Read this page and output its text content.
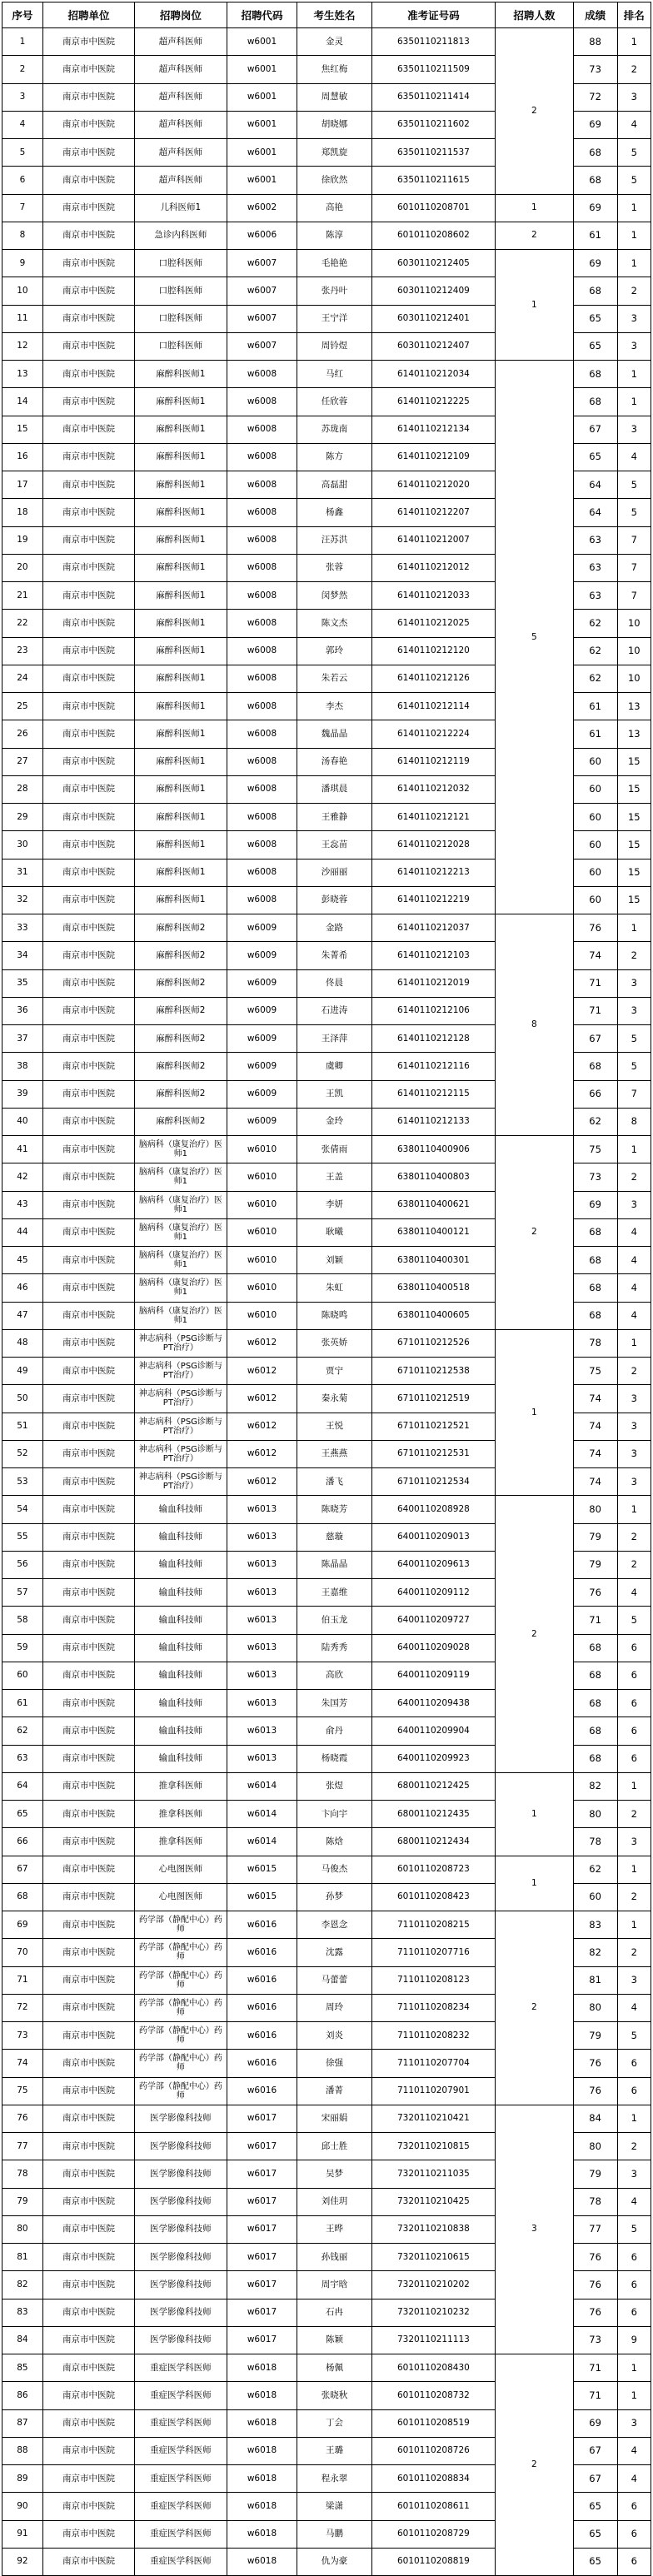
序号	招聘单位	招聘岗位	招聘代码	考生姓名	准考证号码	招聘人数	成绩	排名
1	南京市中医院	超声科医师	w6001	金灵	6350110211813	2	88	1
2	南京市中医院	超声科医师	w6001	焦红梅	6350110211509		73	2
3	南京市中医院	超声科医师	w6001	周慧敏	6350110211414		72	3
4	南京市中医院	超声科医师	w6001	胡晓娜	6350110211602		69	4
5	南京市中医院	超声科医师	w6001	郑凯旋	6350110211537		68	5
6	南京市中医院	超声科医师	w6001	徐欣然	6350110211615		68	5
7	南京市中医院	儿科医师1	w6002	高艳	6010110208701	1	69	1
8	南京市中医院	急诊内科医师	w6006	陈淳	6010110208602	2	61	1
9	南京市中医院	口腔科医师	w6007	毛艳艳	6030110212405	1	69	1
10	南京市中医院	口腔科医师	w6007	张丹叶	6030110212409		68	2
11	南京市中医院	口腔科医师	w6007	王宁洋	6030110212401		65	3
12	南京市中医院	口腔科医师	w6007	周钤煜	6030110212407		65	3
13	南京市中医院	麻醉科医师1	w6008	马红	6140110212034	5	68	1
14	南京市中医院	麻醉科医师1	w6008	任欣蓉	6140110212225		68	1
15	南京市中医院	麻醉科医师1	w6008	苏珑南	6140110212134		67	3
16	南京市中医院	麻醉科医师1	w6008	陈方	6140110212109		65	4
17	南京市中医院	麻醉科医师1	w6008	高磊甜	6140110212020		64	5
18	南京市中医院	麻醉科医师1	w6008	杨鑫	6140110212207		64	5
19	南京市中医院	麻醉科医师1	w6008	汪苏洪	6140110212007		63	7
20	南京市中医院	麻醉科医师1	w6008	张蓉	6140110212012		63	7
21	南京市中医院	麻醉科医师1	w6008	闵梦然	6140110212033		63	7
22	南京市中医院	麻醉科医师1	w6008	陈文杰	6140110212025		62	10
23	南京市中医院	麻醉科医师1	w6008	郭玲	6140110212120		62	10
24	南京市中医院	麻醉科医师1	w6008	朱若云	6140110212126		62	10
25	南京市中医院	麻醉科医师1	w6008	李杰	6140110212114		61	13
26	南京市中医院	麻醉科医师1	w6008	魏晶晶	6140110212224		61	13
27	南京市中医院	麻醉科医师1	w6008	汤春艳	6140110212119		60	15
28	南京市中医院	麻醉科医师1	w6008	潘琪晨	6140110212032		60	15
29	南京市中医院	麻醉科医师1	w6008	王雅静	6140110212121		60	15
30	南京市中医院	麻醉科医师1	w6008	王惢苗	6140110212028		60	15
31	南京市中医院	麻醉科医师1	w6008	沙丽丽	6140110212213		60	15
32	南京市中医院	麻醉科医师1	w6008	彭晓蓉	6140110212219		60	15
33	南京市中医院	麻醉科医师2	w6009	金路	6140110212037	8	76	1
34	南京市中医院	麻醉科医师2	w6009	朱菁希	6140110212103		74	2
35	南京市中医院	麻醉科医师2	w6009	佟晨	6140110212019		71	3
36	南京市中医院	麻醉科医师2	w6009	石进涛	6140110212106		71	3
37	南京市中医院	麻醉科医师2	w6009	王泽萍	6140110212128		67	5
38	南京市中医院	麻醉科医师2	w6009	虞卿	6140110212116		68	5
39	南京市中医院	麻醉科医师2	w6009	王凯	6140110212115		66	7
40	南京市中医院	麻醉科医师2	w6009	金玲	6140110212133		62	8
41	南京市中医院	脑病科（康复治疗）医师1	w6010	张倩雨	6380110400906	2	75	1
42	南京市中医院	脑病科（康复治疗）医师1	w6010	王盖	6380110400803		73	2
43	南京市中医院	脑病科（康复治疗）医师1	w6010	李妍	6380110400621		69	3
44	南京市中医院	脑病科（康复治疗）医师1	w6010	耿曦	6380110400121		68	4
45	南京市中医院	脑病科（康复治疗）医师1	w6010	刘颖	6380110400301		68	4
46	南京市中医院	脑病科（康复治疗）医师1	w6010	朱虹	6380110400518		68	4
47	南京市中医院	脑病科（康复治疗）医师1	w6010	陈晓鸣	6380110400605		68	4
48	南京市中医院	神志病科（PSG诊断与PT治疗）	w6012	张英娇	6710110212526	1	78	1
49	南京市中医院	神志病科（PSG诊断与PT治疗）	w6012	贾宁	6710110212538		75	2
50	南京市中医院	神志病科（PSG诊断与PT治疗）	w6012	秦永菊	6710110212519		74	3
51	南京市中医院	神志病科（PSG诊断与PT治疗）	w6012	王悦	6710110212521		74	3
52	南京市中医院	神志病科（PSG诊断与PT治疗）	w6012	王燕燕	6710110212531		74	3
53	南京市中医院	神志病科（PSG诊断与PT治疗）	w6012	潘飞	6710110212534		74	3
54	南京市中医院	输血科技师	w6013	陈晓芳	6400110208928	2	80	1
55	南京市中医院	输血科技师	w6013	慈璇	6400110209013		79	2
56	南京市中医院	输血科技师	w6013	陈晶晶	6400110209613		79	2
57	南京市中医院	输血科技师	w6013	王嘉维	6400110209112		76	4
58	南京市中医院	输血科技师	w6013	伯玉龙	6400110209727		71	5
59	南京市中医院	输血科技师	w6013	陆秀秀	6400110209028		68	6
60	南京市中医院	输血科技师	w6013	高欣	6400110209119		68	6
61	南京市中医院	输血科技师	w6013	朱国芳	6400110209438		68	6
62	南京市中医院	输血科技师	w6013	俞丹	6400110209904		68	6
63	南京市中医院	输血科技师	w6013	杨晓霞	6400110209923		68	6
64	南京市中医院	推拿科医师	w6014	张煜	6800110212425	1	82	1
65	南京市中医院	推拿科医师	w6014	卞向宇	6800110212435		80	2
66	南京市中医院	推拿科医师	w6014	陈焓	6800110212434		78	3
67	南京市中医院	心电图医师	w6015	马俊杰	6010110208723	1	62	1
68	南京市中医院	心电图医师	w6015	孙梦	6010110208423		60	2
69	南京市中医院	药学部（静配中心）药师	w6016	李恩念	7110110208215	2	83	1
70	南京市中医院	药学部（静配中心）药师	w6016	沈露	7110110207716		82	2
71	南京市中医院	药学部（静配中心）药师	w6016	马蕾蕾	7110110208123		81	3
72	南京市中医院	药学部（静配中心）药师	w6016	周玲	7110110208234		80	4
73	南京市中医院	药学部（静配中心）药师	w6016	刘炎	7110110208232		79	5
74	南京市中医院	药学部（静配中心）药师	w6016	徐强	7110110207704		76	6
75	南京市中医院	药学部（静配中心）药师	w6016	潘菁	7110110207901		76	6
76	南京市中医院	医学影像科技师	w6017	宋丽娟	7320110210421	3	84	1
77	南京市中医院	医学影像科技师	w6017	邱士胜	7320110210815		80	2
78	南京市中医院	医学影像科技师	w6017	吴梦	7320110211035		79	3
79	南京市中医院	医学影像科技师	w6017	刘佳玥	7320110210425		78	4
80	南京市中医院	医学影像科技师	w6017	王晔	7320110210838		77	5
81	南京市中医院	医学影像科技师	w6017	孙钱丽	7320110210615		76	6
82	南京市中医院	医学影像科技师	w6017	周宇晗	7320110210202		76	6
83	南京市中医院	医学影像科技师	w6017	石冉	7320110210232		76	6
84	南京市中医院	医学影像科技师	w6017	陈颖	7320110211113		73	9
85	南京市中医院	重症医学科医师	w6018	杨佩	6010110208430	2	71	1
86	南京市中医院	重症医学科医师	w6018	张晓秋	6010110208732		71	1
87	南京市中医院	重症医学科医师	w6018	丁会	6010110208519		69	3
88	南京市中医院	重症医学科医师	w6018	王璐	6010110208726		67	4
89	南京市中医院	重症医学科医师	w6018	程永翠	6010110208834		67	4
90	南京市中医院	重症医学科医师	w6018	梁潇	6010110208611		65	6
91	南京市中医院	重症医学科医师	w6018	马鹏	6010110208729		65	6
92	南京市中医院	重症医学科医师	w6018	仇为豪	6010110208819		65	6
